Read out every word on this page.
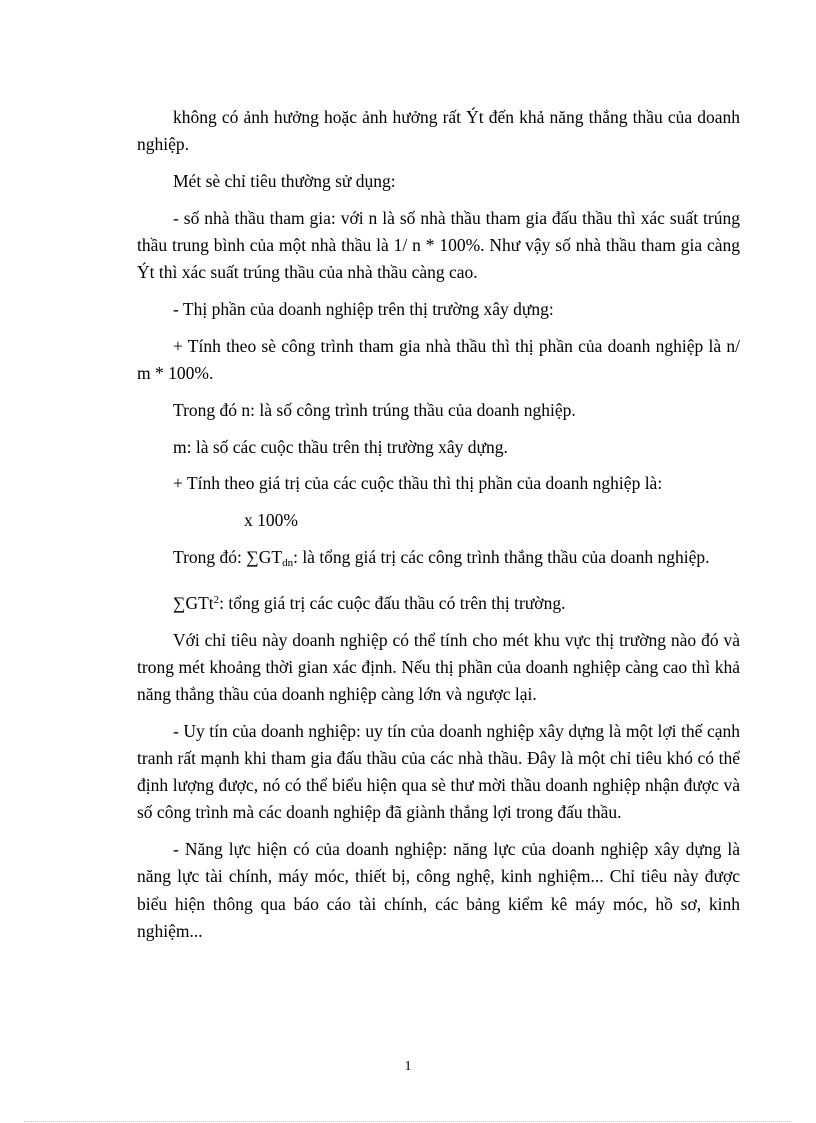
không có ảnh hưởng hoặc ảnh hưởng rất Ýt đến khả năng thắng thầu của doanh nghiệp.

Mét sè chỉ tiêu thường sử dụng:

- số nhà thầu tham gia: với n là số nhà thầu tham gia đấu thầu thì xác suất trúng thầu trung bình của một nhà thầu là 1/ n * 100%. Như vậy số nhà thầu tham gia càng Ýt thì xác suất trúng thầu của nhà thầu càng cao.

- Thị phần của doanh nghiệp trên thị trường xây dựng:

+ Tính theo sè công trình tham gia nhà thầu thì thị phần của doanh nghiệp là n/ m * 100%.

Trong đó n: là số công trình trúng thầu của doanh nghiệp.

m: là số các cuộc thầu trên thị trường xây dựng.

+ Tính theo giá trị của các cuộc thầu thì thị phần của doanh nghiệp là:

x 100%

Trong đó: $\sum GT_{dn}$: là tổng giá trị các công trình thắng thầu của doanh nghiệp.

∑GTt$^2$: tổng giá trị các cuộc đấu thầu có trên thị trường.

Với chỉ tiêu này doanh nghiệp có thể tính cho mét khu vực thị trường nào đó và trong mét khoảng thời gian xác định. Nếu thị phần của doanh nghiệp càng cao thì khả năng thắng thầu của doanh nghiệp càng lớn và ngược lại.

- Uy tín của doanh nghiệp: uy tín của doanh nghiệp xây dựng là một lợi thế cạnh tranh rất mạnh khi tham gia đấu thầu của các nhà thầu. Đây là một chỉ tiêu khó có thể định lượng được, nó có thể biểu hiện qua sè thư mời thầu doanh nghiệp nhận được và số công trình mà các doanh nghiệp đã giành thắng lợi trong đấu thầu.

- Năng lực hiện có của doanh nghiệp: năng lực của doanh nghiệp xây dựng là năng lực tài chính, máy móc, thiết bị, công nghệ, kinh nghiệm... Chỉ tiêu này được biểu hiện thông qua báo cáo tài chính, các bảng kiểm kê máy móc, hồ sơ, kinh nghiệm...

1
